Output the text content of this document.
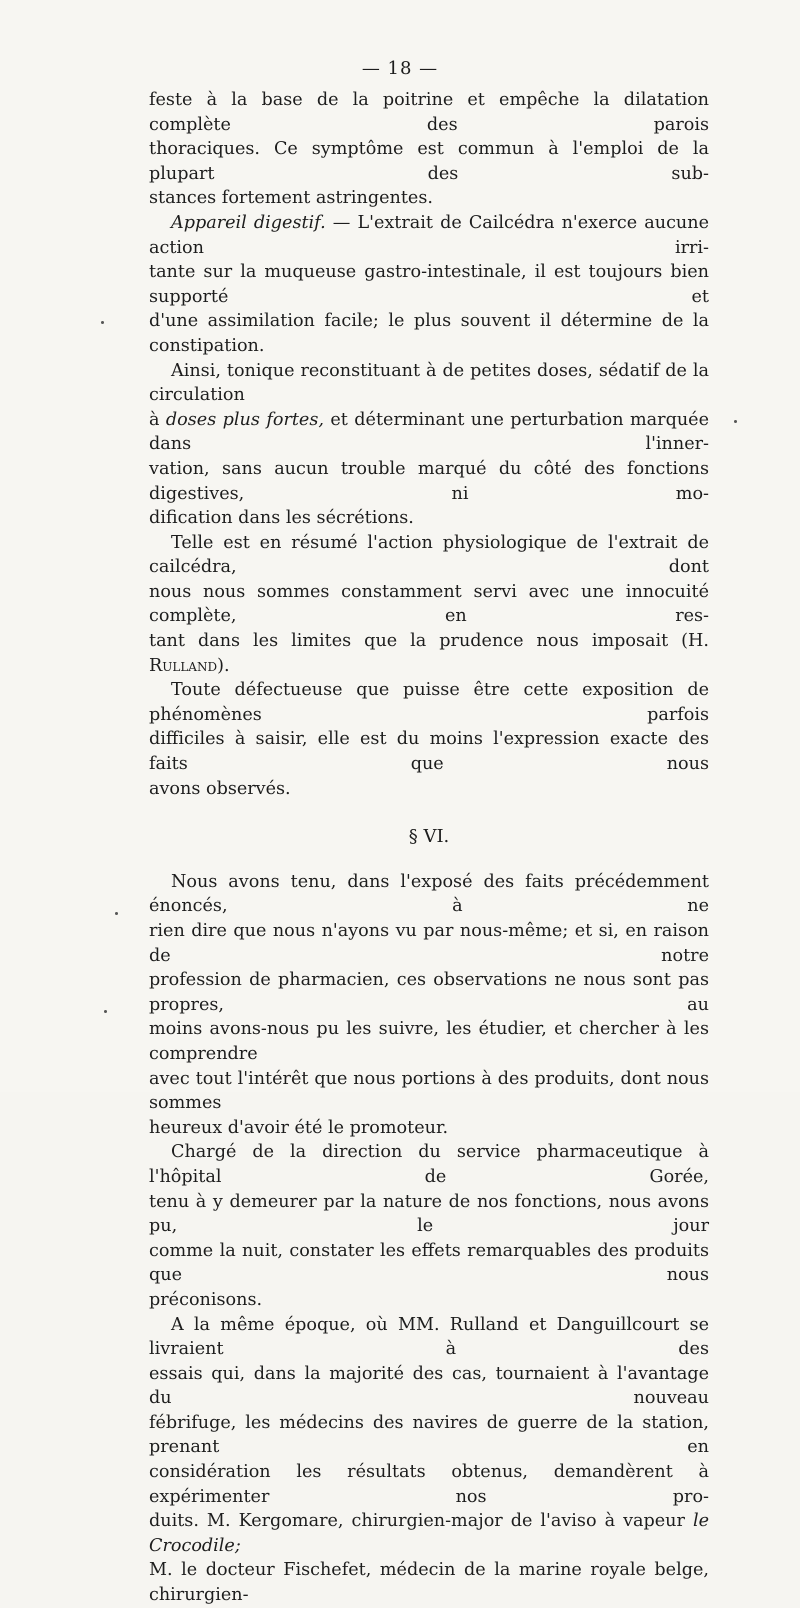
— 18 —

feste à la base de la poitrine et empêche la dilatation complète des parois

thoraciques. Ce symptôme est commun à l'emploi de la plupart des sub-

stances fortement astringentes.

Appareil digestif. — L'extrait de Cailcédra n'exerce aucune action irri-

tante sur la muqueuse gastro-intestinale, il est toujours bien supporté et

d'une assimilation facile; le plus souvent il détermine de la constipation.

Ainsi, tonique reconstituant à de petites doses, sédatif de la circulation

à doses plus fortes, et déterminant une perturbation marquée dans l'inner-

vation, sans aucun trouble marqué du côté des fonctions digestives, ni mo-

dification dans les sécrétions.

Telle est en résumé l'action physiologique de l'extrait de cailcédra, dont

nous nous sommes constamment servi avec une innocuité complète, en res-

tant dans les limites que la prudence nous imposait (H. Rulland).

Toute défectueuse que puisse être cette exposition de phénomènes parfois

difficiles à saisir, elle est du moins l'expression exacte des faits que nous

avons observés.

§ VI.

Nous avons tenu, dans l'exposé des faits précédemment énoncés, à ne

rien dire que nous n'ayons vu par nous-même; et si, en raison de notre

profession de pharmacien, ces observations ne nous sont pas propres, au

moins avons-nous pu les suivre, les étudier, et chercher à les comprendre

avec tout l'intérêt que nous portions à des produits, dont nous sommes

heureux d'avoir été le promoteur.

Chargé de la direction du service pharmaceutique à l'hôpital de Gorée,

tenu à y demeurer par la nature de nos fonctions, nous avons pu, le jour

comme la nuit, constater les effets remarquables des produits que nous

préconisons.

A la même époque, où MM. Rulland et Danguillcourt se livraient à des

essais qui, dans la majorité des cas, tournaient à l'avantage du nouveau

fébrifuge, les médecins des navires de guerre de la station, prenant en

considération les résultats obtenus, demandèrent à expérimenter nos pro-

duits. M. Kergomare, chirurgien-major de l'aviso à vapeur le Crocodile;

M. le docteur Fischefet, médecin de la marine royale belge, chirurgien-
